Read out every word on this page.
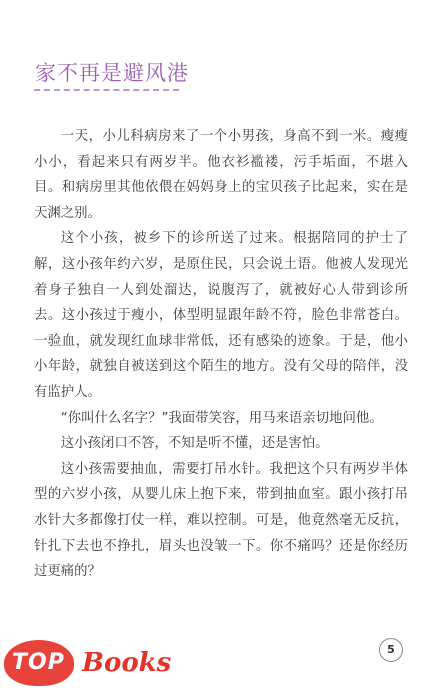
家不再是避风港

一天，小儿科病房来了一个小男孩，身高不到一米。瘦瘦小小，看起来只有两岁半。他衣衫褴褛，污手垢面，不堪入目。和病房里其他依偎在妈妈身上的宝贝孩子比起来，实在是天渊之别。

这个小孩，被乡下的诊所送了过来。根据陪同的护士了解，这小孩年约六岁，是原住民，只会说土语。他被人发现光着身子独自一人到处溜达，说腹泻了，就被好心人带到诊所去。这小孩过于瘦小，体型明显跟年龄不符，脸色非常苍白。一验血，就发现红血球非常低，还有感染的迹象。于是，他小小年龄，就独自被送到这个陌生的地方。没有父母的陪伴，没有监护人。

“你叫什么名字？”我面带笑容，用马来语亲切地问他。

这小孩闭口不答，不知是听不懂，还是害怕。

这小孩需要抽血，需要打吊水针。我把这个只有两岁半体型的六岁小孩，从婴儿床上抱下来，带到抽血室。跟小孩打吊水针大多都像打仗一样，难以控制。可是，他竟然毫无反抗，针扎下去也不挣扎，眉头也没皱一下。你不痛吗？还是你经历过更痛的？

5
TOP Books
